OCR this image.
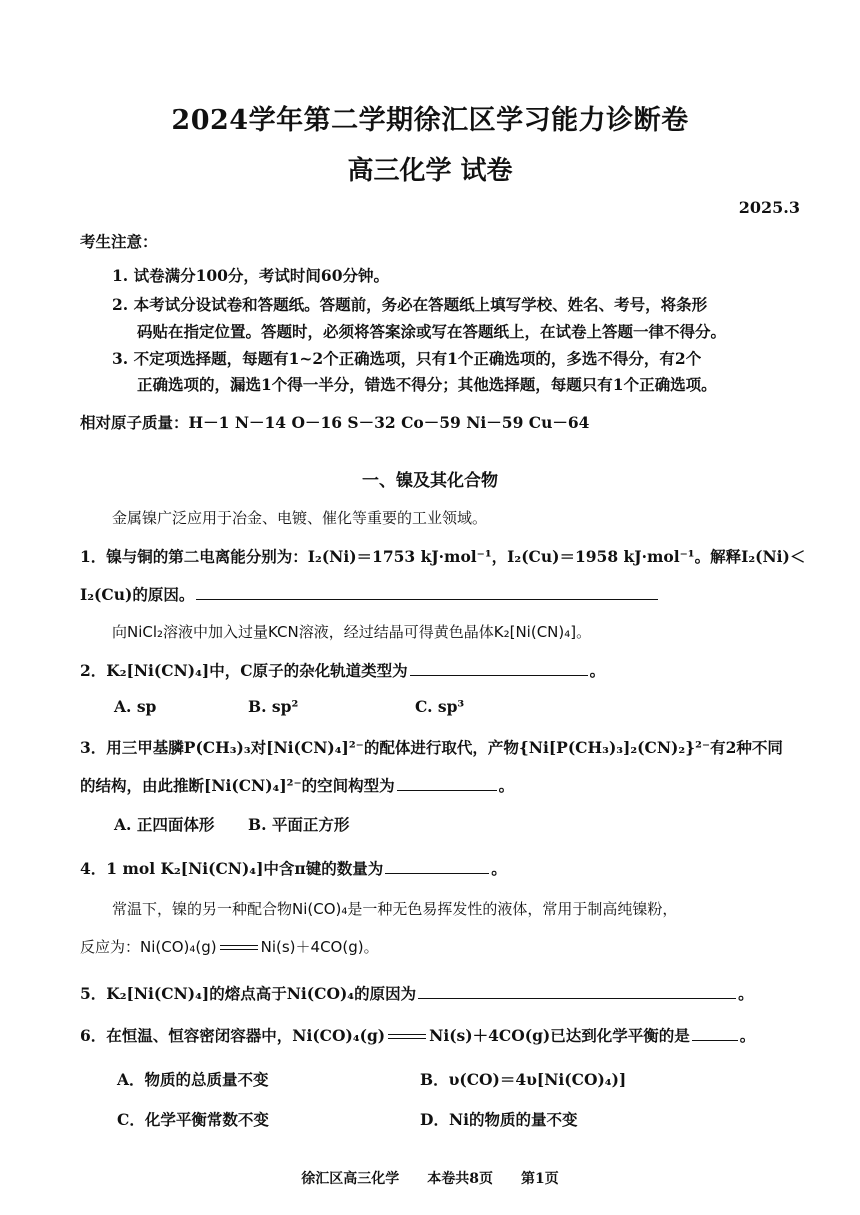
2024学年第二学期徐汇区学习能力诊断卷
高三化学 试卷
2025.3
考生注意：
1. 试卷满分100分，考试时间60分钟。
2. 本考试分设试卷和答题纸。答题前，务必在答题纸上填写学校、姓名、考号，将条形
码贴在指定位置。答题时，必须将答案涂或写在答题纸上，在试卷上答题一律不得分。
3. 不定项选择题，每题有1~2个正确选项，只有1个正确选项的，多选不得分，有2个
正确选项的，漏选1个得一半分，错选不得分；其他选择题，每题只有1个正确选项。
相对原子质量：H－1 N－14 O－16 S－32 Co－59 Ni－59 Cu－64
一、镍及其化合物
金属镍广泛应用于冶金、电镀、催化等重要的工业领域。
1．镍与铜的第二电离能分别为：I₂(Ni)＝1753 kJ·mol⁻¹，I₂(Cu)＝1958 kJ·mol⁻¹。解释I₂(Ni)＜
I₂(Cu)的原因。
向NiCl₂溶液中加入过量KCN溶液，经过结晶可得黄色晶体K₂[Ni(CN)₄]。
2．K₂[Ni(CN)₄]中，C原子的杂化轨道类型为	。
A. sp	B. sp²	C. sp³
3．用三甲基膦P(CH₃)₃对[Ni(CN)₄]²⁻的配体进行取代，产物{Ni[P(CH₃)₃]₂(CN)₂}²⁻有2种不同
的结构，由此推断[Ni(CN)₄]²⁻的空间构型为	。
A. 正四面体形 B. 平面正方形
4．1 mol K₂[Ni(CN)₄]中含π键的数量为	。
常温下，镍的另一种配合物Ni(CO)₄是一种无色易挥发性的液体，常用于制高纯镍粉，
反应为：Ni(CO)₄(g)	Ni(s)＋4CO(g)。
5．K₂[Ni(CN)₄]的熔点高于Ni(CO)₄的原因为	。
6．在恒温、恒容密闭容器中，Ni(CO)₄(g)	Ni(s)＋4CO(g)已达到化学平衡的是	。
A．物质的总质量不变	B．υ(CO)＝4υ[Ni(CO)₄)]
C．化学平衡常数不变	D．Ni的物质的量不变
徐汇区高三化学 本卷共8页 第1页
